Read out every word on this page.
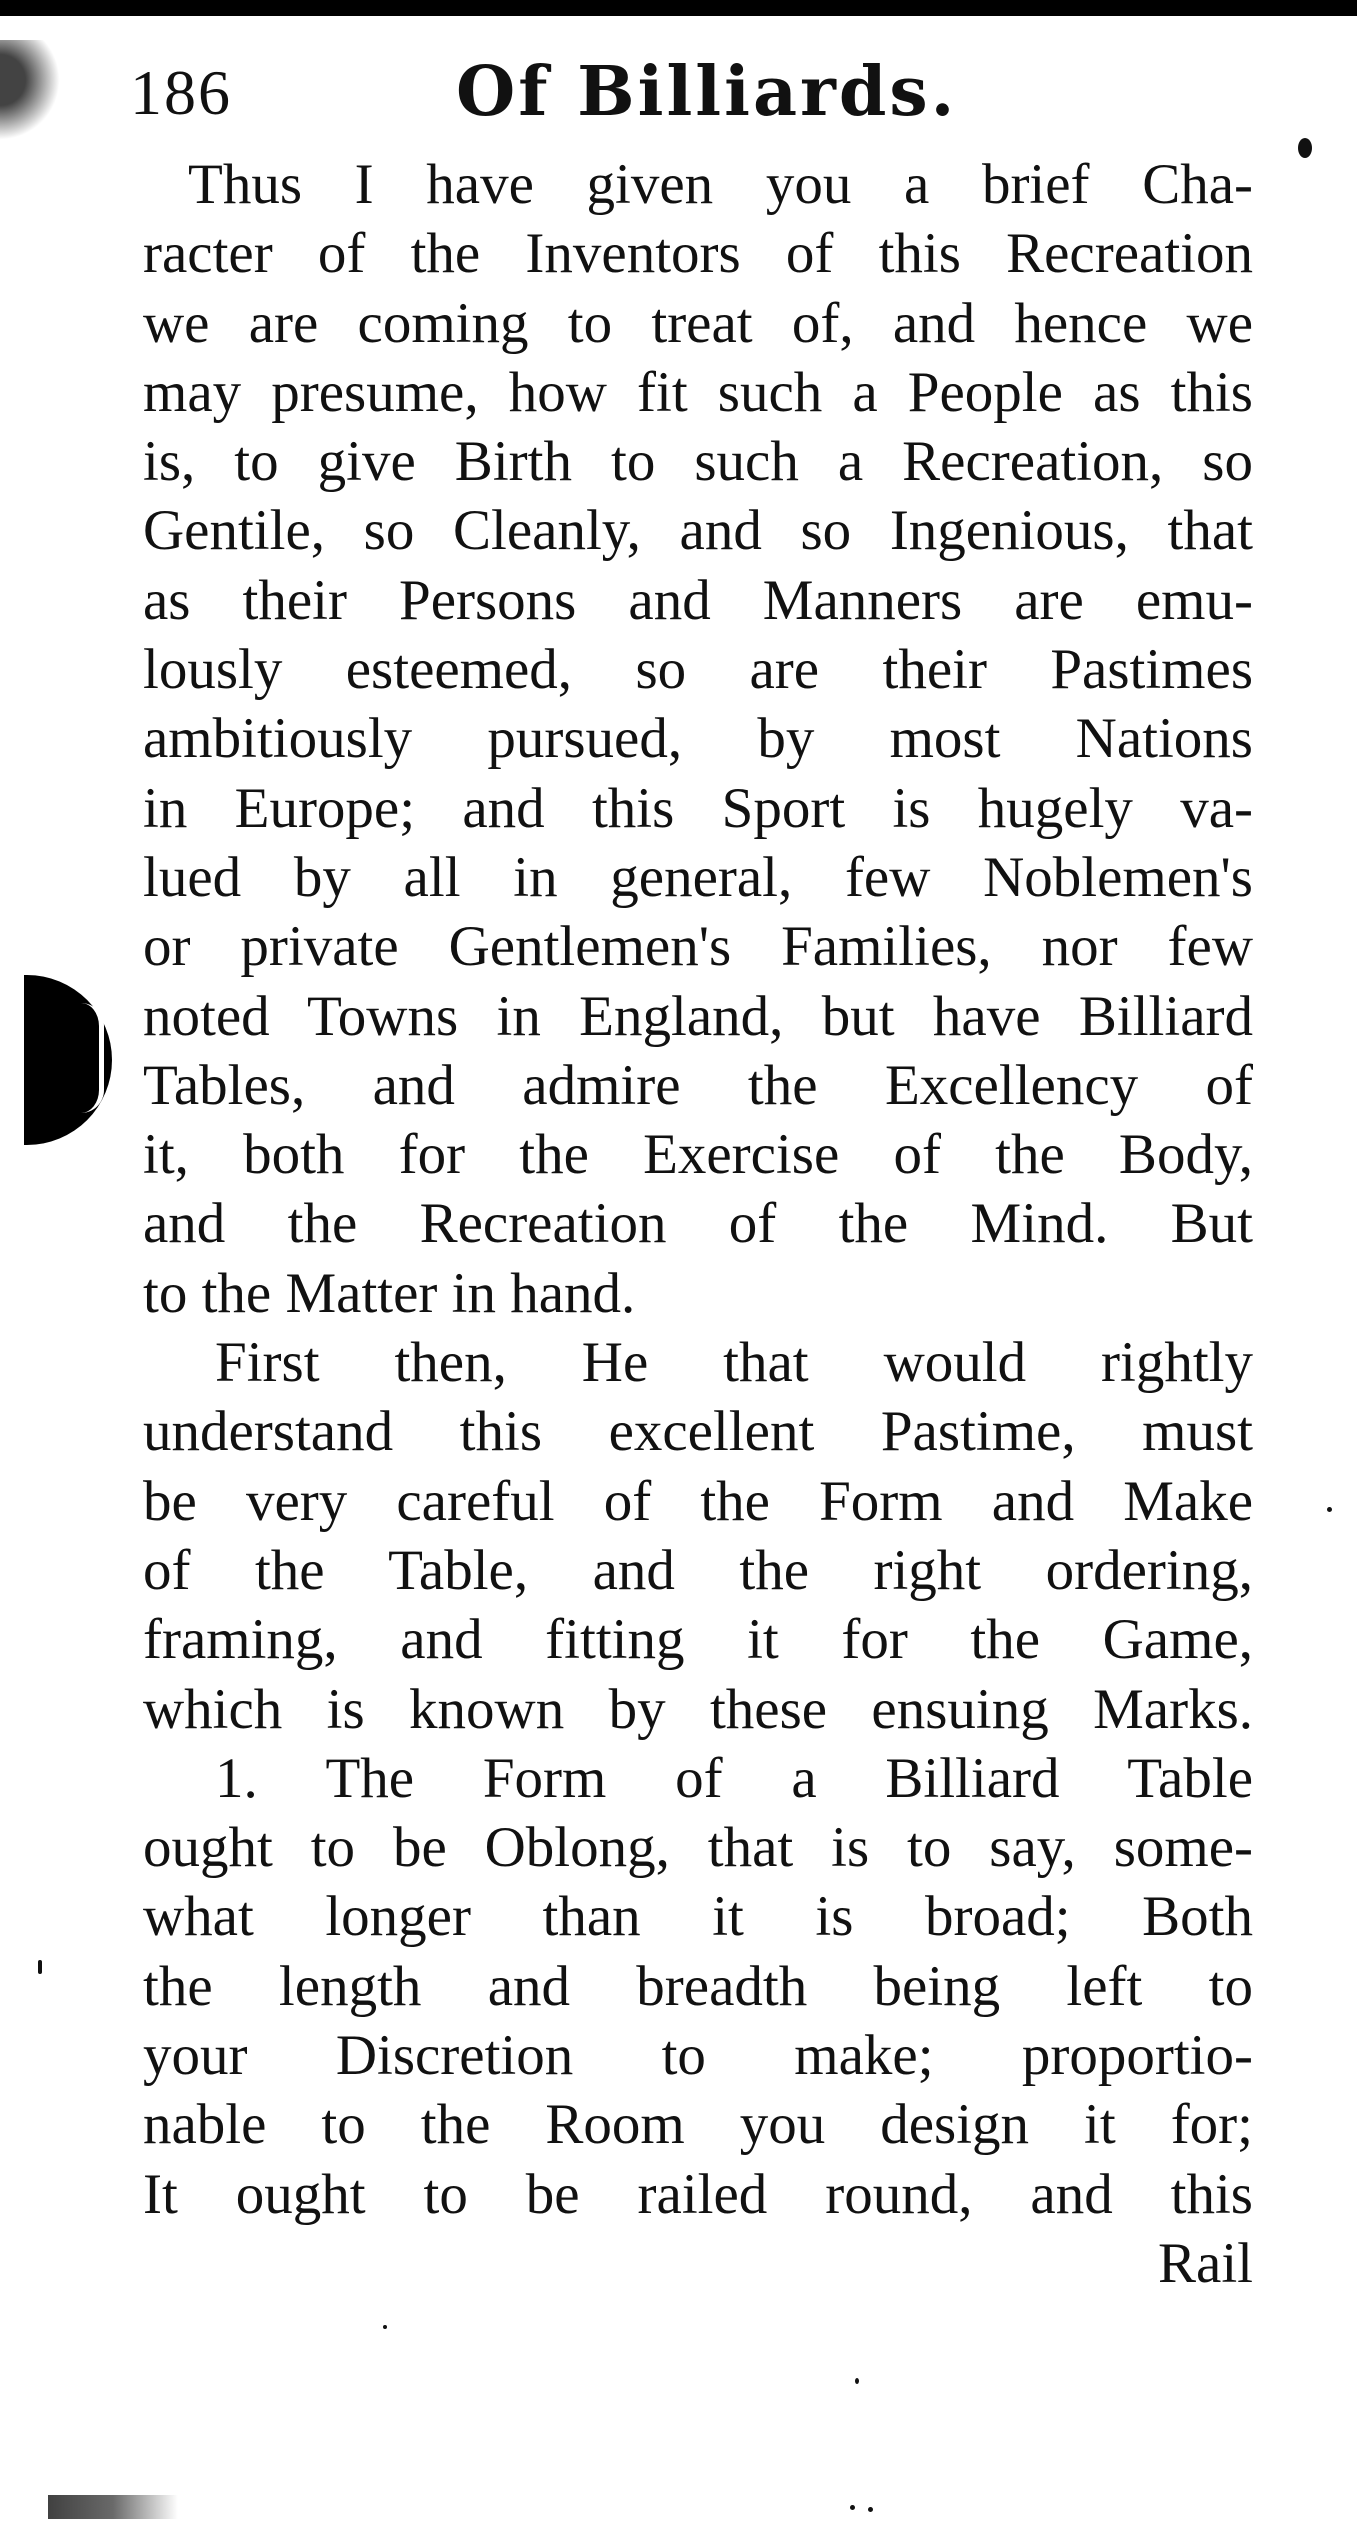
186	Of Billiards.
Thus I have given you a brief Cha-
racter of the Inventors of this Recreation
we are coming to treat of, and hence we
may presume, how fit such a People as this
is, to give Birth to such a Recreation, so
Gentile, so Cleanly, and so Ingenious, that
as their Persons and Manners are emu-
lously esteemed, so are their Pastimes
ambitiously pursued, by most Nations
in Europe; and this Sport is hugely va-
lued by all in general, few Noblemen's
or private Gentlemen's Families, nor few
noted Towns in England, but have Billiard
Tables, and admire the Excellency of
it, both for the Exercise of the Body,
and the Recreation of the Mind. But
to the Matter in hand.
First then, He that would rightly
understand this excellent Pastime, must
be very careful of the Form and Make
of the Table, and the right ordering,
framing, and fitting it for the Game,
which is known by these ensuing Marks.
1. The Form of a Billiard Table
ought to be Oblong, that is to say, some-
what longer than it is broad; Both
the length and breadth being left to
your Discretion to make; proportio-
nable to the Room you design it for;
It ought to be railed round, and this
Rail
